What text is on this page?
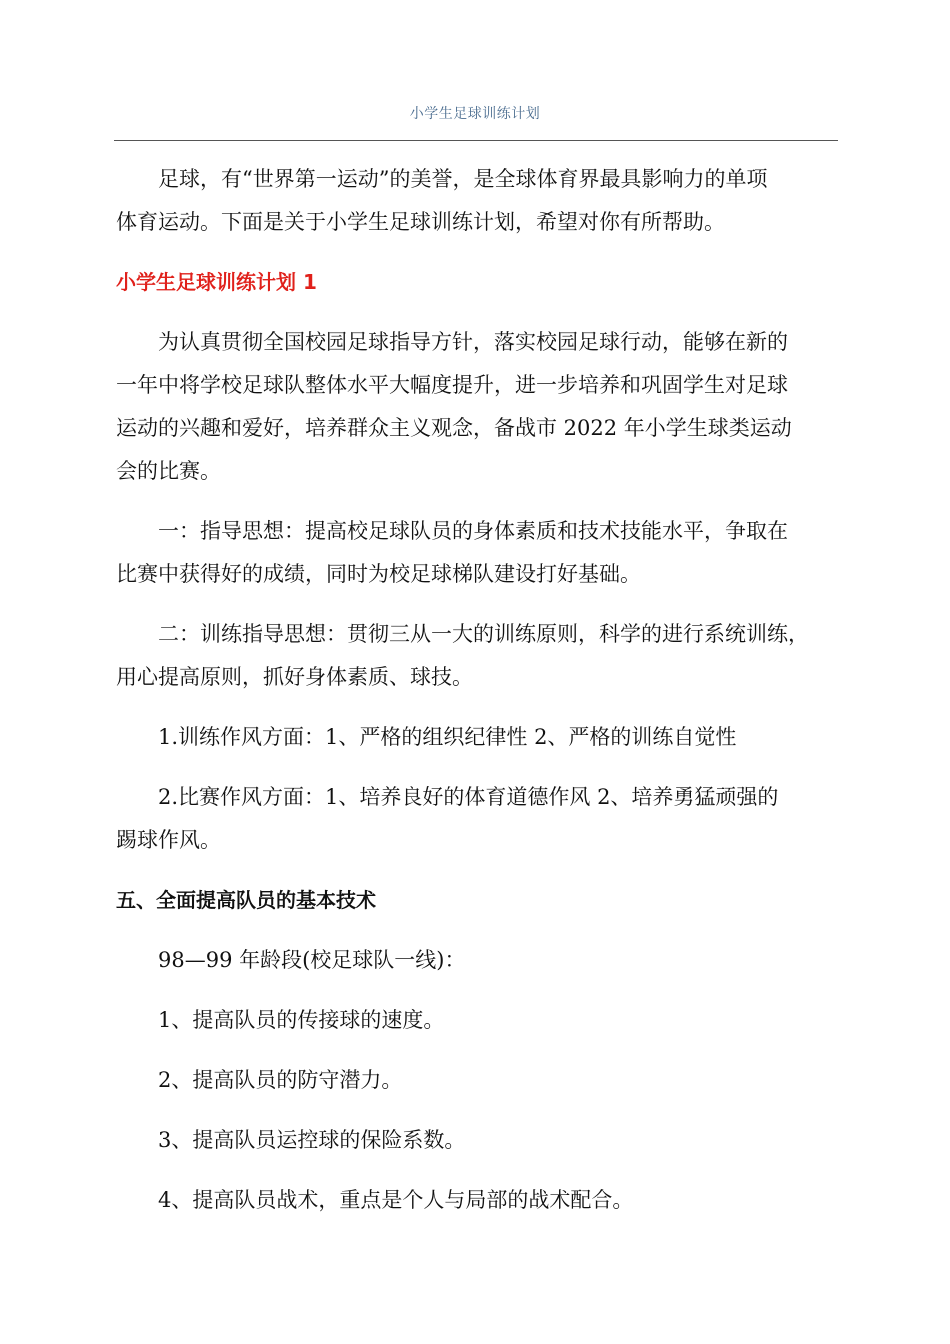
小学生足球训练计划

足球，有“世界第一运动”的美誉，是全球体育界最具影响力的单项
体育运动。下面是关于小学生足球训练计划，希望对你有所帮助。

小学生足球训练计划 1

为认真贯彻全国校园足球指导方针，落实校园足球行动，能够在新的
一年中将学校足球队整体水平大幅度提升，进一步培养和巩固学生对足球
运动的兴趣和爱好，培养群众主义观念，备战市 2022 年小学生球类运动
会的比赛。

一：指导思想：提高校足球队员的身体素质和技术技能水平，争取在
比赛中获得好的成绩，同时为校足球梯队建设打好基础。

二：训练指导思想：贯彻三从一大的训练原则，科学的进行系统训练，
用心提高原则，抓好身体素质、球技。

1.训练作风方面：1、严格的组织纪律性 2、严格的训练自觉性

2.比赛作风方面：1、培养良好的体育道德作风 2、培养勇猛顽强的
踢球作风。

五、全面提高队员的基本技术

98—99 年龄段(校足球队一线)：

1、提高队员的传接球的速度。

2、提高队员的防守潜力。

3、提高队员运控球的保险系数。

4、提高队员战术，重点是个人与局部的战术配合。
